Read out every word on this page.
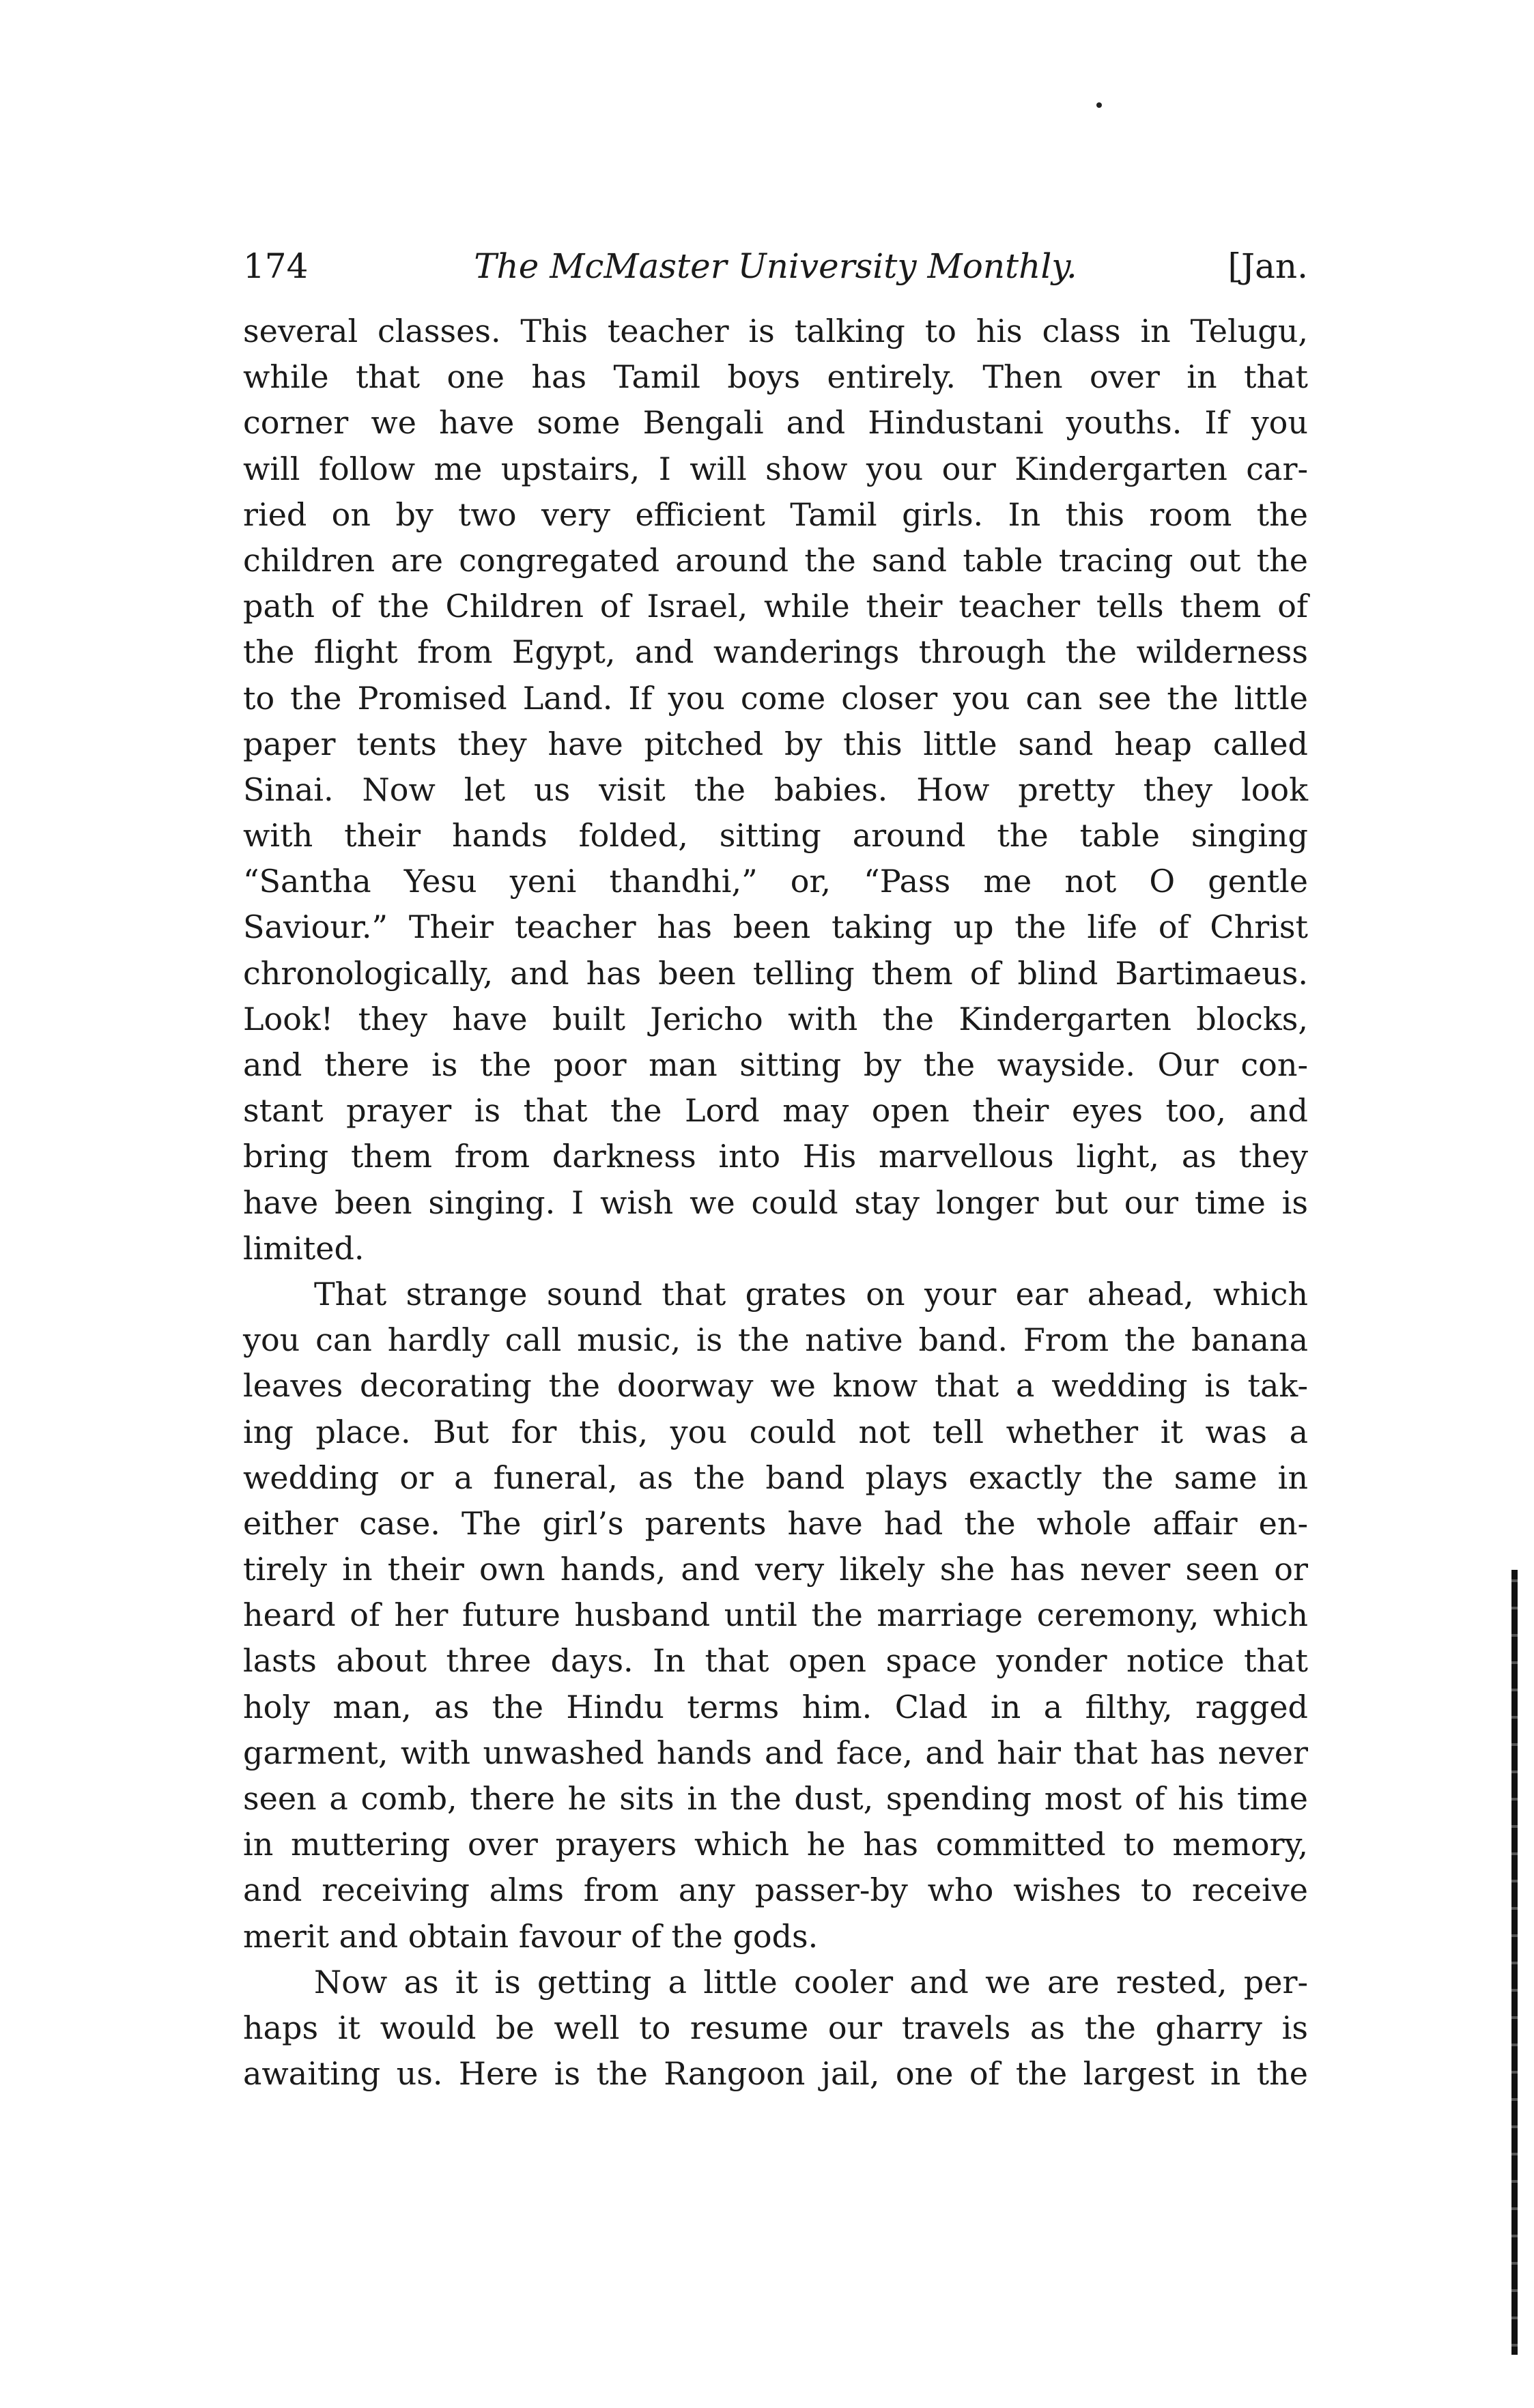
174	The McMaster University Monthly.	[Jan.
several classes. This teacher is talking to his class in Telugu,
while that one has Tamil boys entirely. Then over in that
corner we have some Bengali and Hindustani youths. If you
will follow me upstairs, I will show you our Kindergarten car-
ried on by two very efficient Tamil girls. In this room the
children are congregated around the sand table tracing out the
path of the Children of Israel, while their teacher tells them of
the flight from Egypt, and wanderings through the wilderness
to the Promised Land. If you come closer you can see the little
paper tents they have pitched by this little sand heap called
Sinai. Now let us visit the babies. How pretty they look
with their hands folded, sitting around the table singing
“Santha Yesu yeni thandhi,” or, “Pass me not O gentle
Saviour.” Their teacher has been taking up the life of Christ
chronologically, and has been telling them of blind Bartimaeus.
Look! they have built Jericho with the Kindergarten blocks,
and there is the poor man sitting by the wayside. Our con-
stant prayer is that the Lord may open their eyes too, and
bring them from darkness into His marvellous light, as they
have been singing. I wish we could stay longer but our time is
limited.
That strange sound that grates on your ear ahead, which
you can hardly call music, is the native band. From the banana
leaves decorating the doorway we know that a wedding is tak-
ing place. But for this, you could not tell whether it was a
wedding or a funeral, as the band plays exactly the same in
either case. The girl’s parents have had the whole affair en-
tirely in their own hands, and very likely she has never seen or
heard of her future husband until the marriage ceremony, which
lasts about three days. In that open space yonder notice that
holy man, as the Hindu terms him. Clad in a filthy, ragged
garment, with unwashed hands and face, and hair that has never
seen a comb, there he sits in the dust, spending most of his time
in muttering over prayers which he has committed to memory,
and receiving alms from any passer-by who wishes to receive
merit and obtain favour of the gods.
Now as it is getting a little cooler and we are rested, per-
haps it would be well to resume our travels as the gharry is
awaiting us. Here is the Rangoon jail, one of the largest in the
